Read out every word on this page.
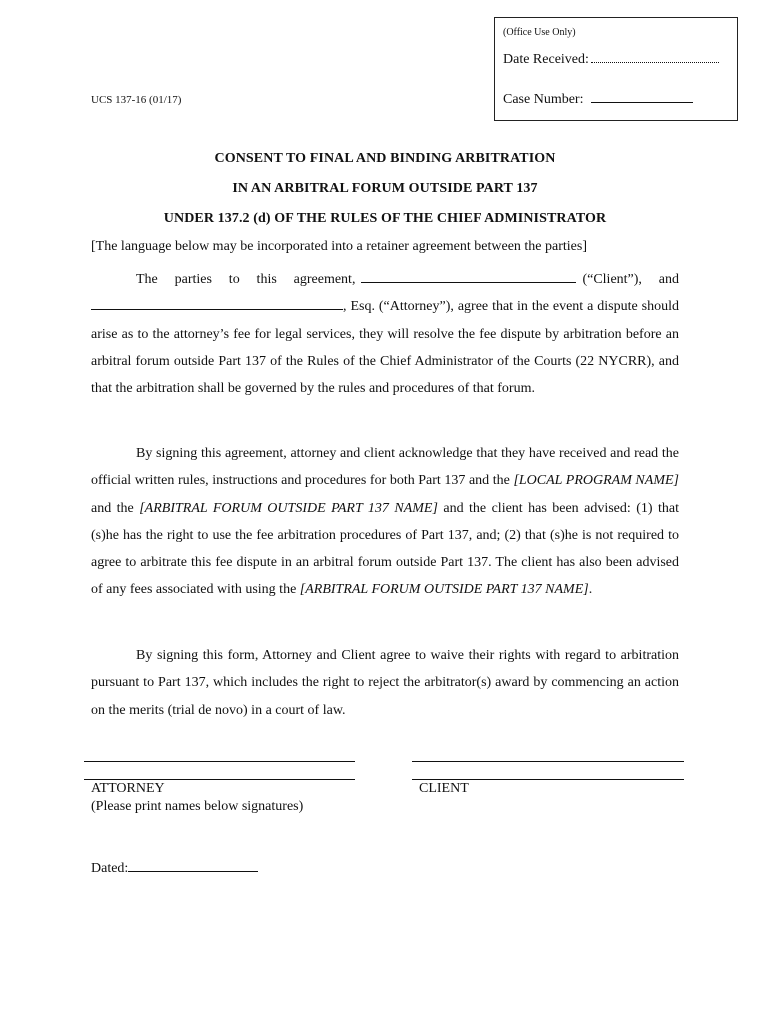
(Office Use Only)
Date Received:
Case Number:
UCS 137-16 (01/17)
CONSENT TO FINAL AND BINDING ARBITRATION
IN AN ARBITRAL FORUM OUTSIDE PART 137
UNDER 137.2 (d) OF THE RULES OF THE CHIEF ADMINISTRATOR
[The language below may be incorporated into a retainer agreement between the parties]
The parties to this agreement,	(“Client”), and , Esq. (“Attorney”), agree that in the event a dispute should arise as to the attorney’s fee for legal services, they will resolve the fee dispute by arbitration before an arbitral forum outside Part 137 of the Rules of the Chief Administrator of the Courts (22 NYCRR), and that the arbitration shall be governed by the rules and procedures of that forum.
By signing this agreement, attorney and client acknowledge that they have received and read the official written rules, instructions and procedures for both Part 137 and the [LOCAL PROGRAM NAME] and the [ARBITRAL FORUM OUTSIDE PART 137 NAME] and the client has been advised: (1) that (s)he has the right to use the fee arbitration procedures of Part 137, and; (2) that (s)he is not required to agree to arbitrate this fee dispute in an arbitral forum outside Part 137. The client has also been advised of any fees associated with using the [ARBITRAL FORUM OUTSIDE PART 137 NAME].
By signing this form, Attorney and Client agree to waive their rights with regard to arbitration pursuant to Part 137, which includes the right to reject the arbitrator(s) award by commencing an action on the merits (trial de novo) in a court of law.
ATTORNEY	CLIENT
(Please print names below signatures)
Dated:
